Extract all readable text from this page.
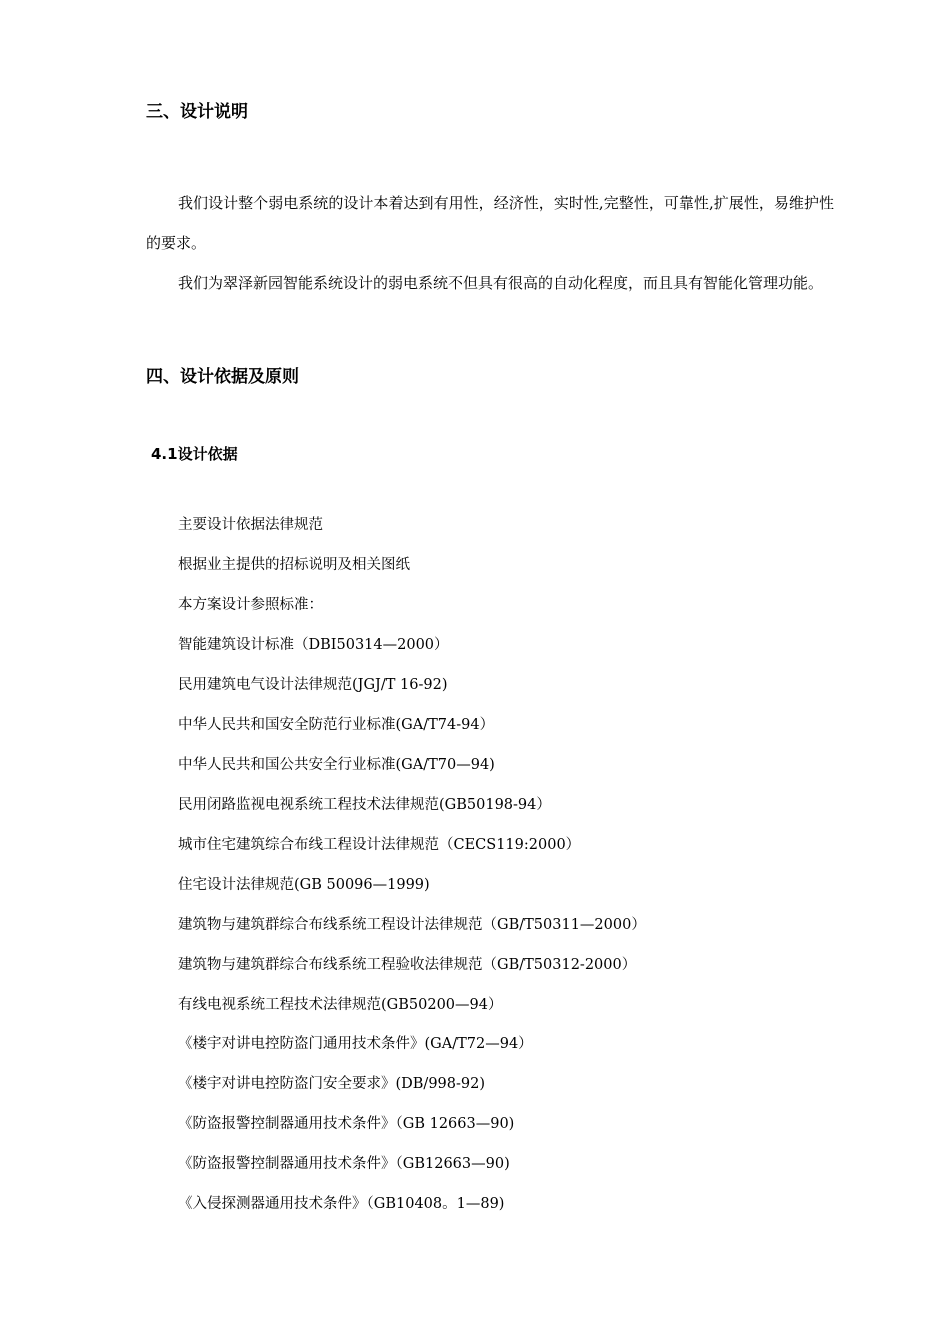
三、设计说明
我们设计整个弱电系统的设计本着达到有用性，经济性，实时性,完整性，可靠性,扩展性，易维护性的要求。
我们为翠泽新园智能系统设计的弱电系统不但具有很高的自动化程度，而且具有智能化管理功能。
四、设计依据及原则
4.1设计依据
主要设计依据法律规范
根据业主提供的招标说明及相关图纸
本方案设计参照标准：
智能建筑设计标准（DBI50314—2000）
民用建筑电气设计法律规范(JGJ/T 16-92)
中华人民共和国安全防范行业标准(GA/T74-94）
中华人民共和国公共安全行业标准(GA/T70—94)
民用闭路监视电视系统工程技术法律规范(GB50198-94）
城市住宅建筑综合布线工程设计法律规范（CECS119:2000）
住宅设计法律规范(GB 50096—1999)
建筑物与建筑群综合布线系统工程设计法律规范（GB/T50311—2000）
建筑物与建筑群综合布线系统工程验收法律规范（GB/T50312-2000）
有线电视系统工程技术法律规范(GB50200—94）
《楼宇对讲电控防盗门通用技术条件》(GA/T72—94）
《楼宇对讲电控防盗门安全要求》(DB/998-92)
《防盗报警控制器通用技术条件》（GB 12663—90)
《防盗报警控制器通用技术条件》（GB12663—90)
《入侵探测器通用技术条件》（GB10408。1—89)
